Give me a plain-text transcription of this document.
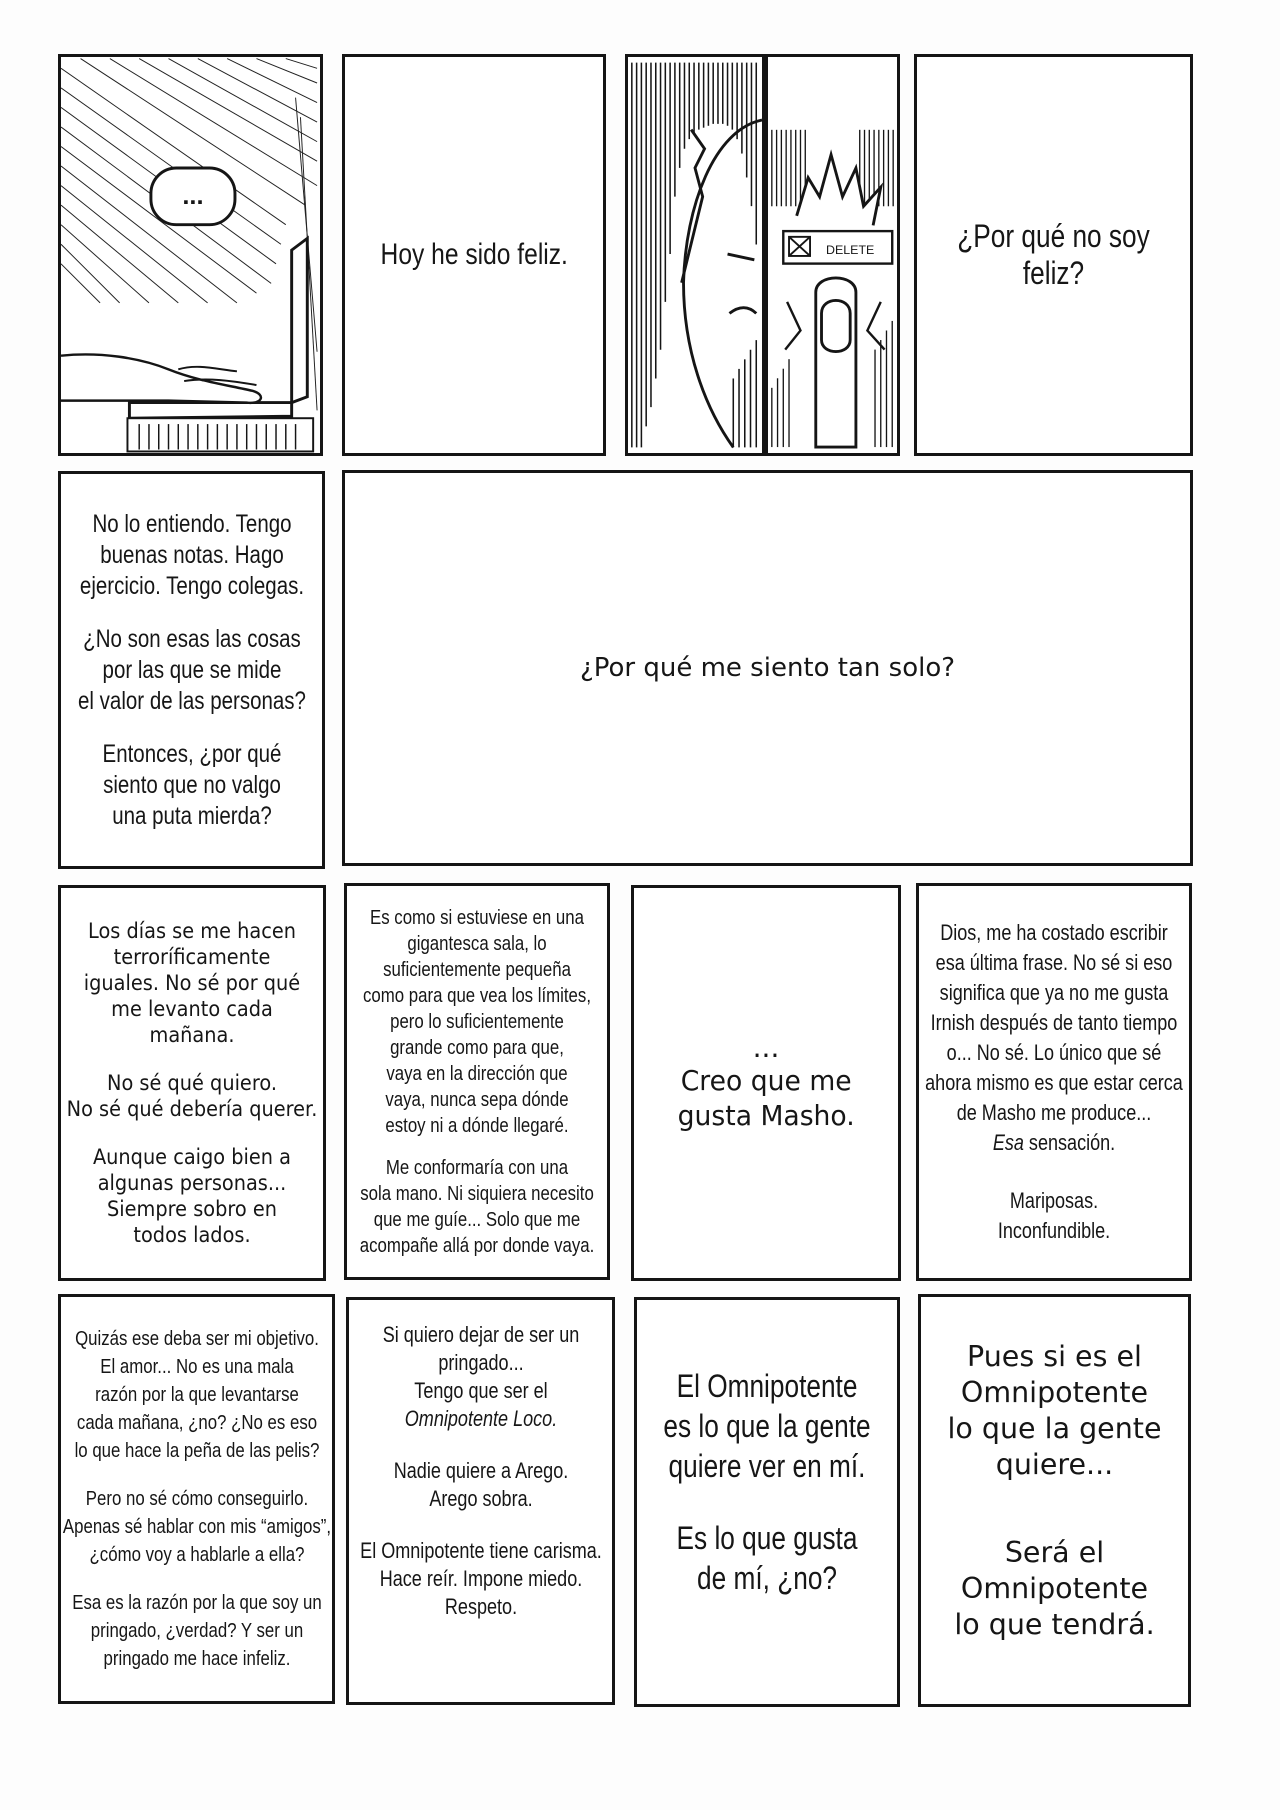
...

Hoy he sido feliz.	DELETE	¿Por qué no soy feliz?

No lo entiendo. Tengo
buenas notas. Hago
ejercicio. Tengo colegas.

¿No son esas las cosas
por las que se mide
el valor de las personas?

Entonces, ¿por qué
siento que no valgo
una puta mierda?

¿Por qué me siento tan solo?

Los días se me hacen
terroríficamente
iguales. No sé por qué
me levanto cada
mañana.

No sé qué quiero.
No sé qué debería querer.

Aunque caigo bien a
algunas personas...
Siempre sobro en
todos lados.

Es como si estuviese en una
gigantesca sala, lo
suficientemente pequeña
como para que vea los límites,
pero lo suficientemente
grande como para que,
vaya en la dirección que
vaya, nunca sepa dónde
estoy ni a dónde llegaré.

Me conformaría con una
sola mano. Ni siquiera necesito
que me guíe... Solo que me
acompañe allá por donde vaya.

...

Creo que me
gusta Masho.

Dios, me ha costado escribir
esa última frase. No sé si eso
significa que ya no me gusta
Irnish después de tanto tiempo
o... No sé. Lo único que sé
ahora mismo es que estar cerca
de Masho me produce...

Esa sensación.

Mariposas.
Inconfundible.

Quizás ese deba ser mi objetivo.
El amor... No es una mala
razón por la que levantarse
cada mañana, ¿no? ¿No es eso
lo que hace la peña de las pelis?

Pero no sé cómo conseguirlo.
Apenas sé hablar con mis “amigos”,
¿cómo voy a hablarle a ella?

Esa es la razón por la que soy un
pringado, ¿verdad? Y ser un
pringado me hace infeliz.

Si quiero dejar de ser un
pringado...
Tengo que ser el

Omnipotente Loco.

Nadie quiere a Arego.
Arego sobra.

El Omnipotente tiene carisma.
Hace reír. Impone miedo.
Respeto.

El Omnipotente
es lo que la gente
quiere ver en mí.

Es lo que gusta
de mí, ¿no?

Pues si es el
Omnipotente
lo que la gente
quiere...

Será el
Omnipotente
lo que tendrá.
